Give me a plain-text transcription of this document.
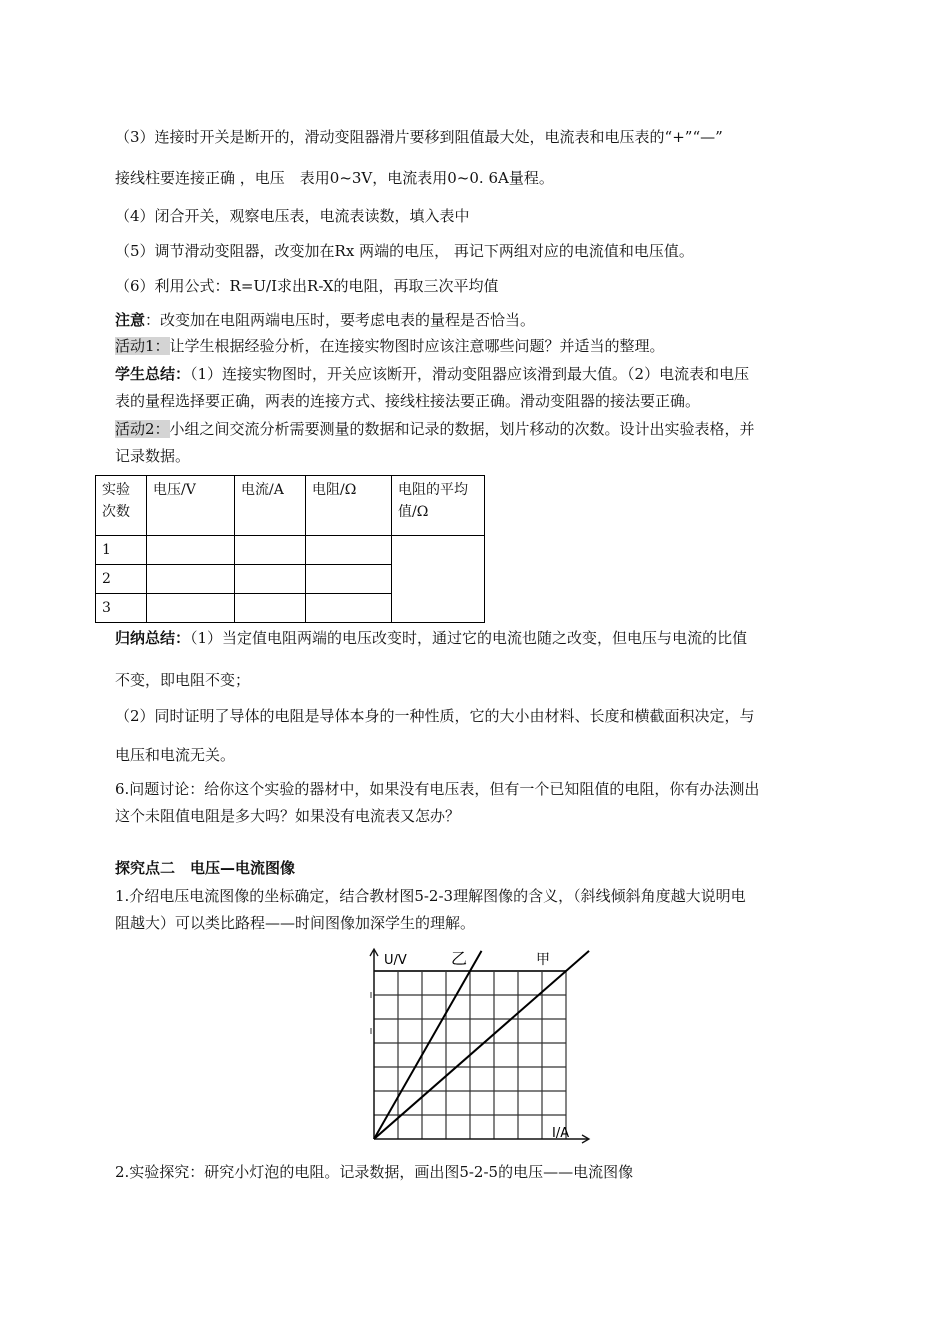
（3）连接时开关是断开的，滑动变阻器滑片要移到阻值最大处，电流表和电压表的“+”“—”
接线柱要连接正确 ，电压　表用0~3V，电流表用0~0. 6A量程。
（4）闭合开关，观察电压表，电流表读数，填入表中
（5）调节滑动变阻器，改变加在Rx 两端的电压， 再记下两组对应的电流值和电压值。
（6）利用公式：R=U/I求出R-X的电阻，再取三次平均值
注意：改变加在电阻两端电压时，要考虑电表的量程是否恰当。
活动1：让学生根据经验分析，在连接实物图时应该注意哪些问题？并适当的整理。
学生总结：（1）连接实物图时，开关应该断开，滑动变阻器应该滑到最大值。（2）电流表和电压
表的量程选择要正确，两表的连接方式、接线柱接法要正确。滑动变阻器的接法要正确。
活动2：小组之间交流分析需要测量的数据和记录的数据，划片移动的次数。设计出实验表格，并
记录数据。
实验次数	电压/V	电流/A	电阻/Ω	电阻的平均值/Ω
1				
2				
3				
归纳总结：（1）当定值电阻两端的电压改变时，通过它的电流也随之改变，但电压与电流的比值
不变，即电阻不变；
（2）同时证明了导体的电阻是导体本身的一种性质，它的大小由材料、长度和横截面积决定，与
电压和电流无关。
6.问题讨论：给你这个实验的器材中，如果没有电压表，但有一个已知阻值的电阻，你有办法测出
这个未阻值电阻是多大吗？如果没有电流表又怎办？
探究点二　电压—电流图像
1.介绍电压电流图像的坐标确定，结合教材图5-2-3理解图像的含义，（斜线倾斜角度越大说明电
阻越大）可以类比路程——时间图像加深学生的理解。
U/V
I/A
乙	甲
2.实验探究：研究小灯泡的电阻。记录数据，画出图5-2-5的电压——电流图像
